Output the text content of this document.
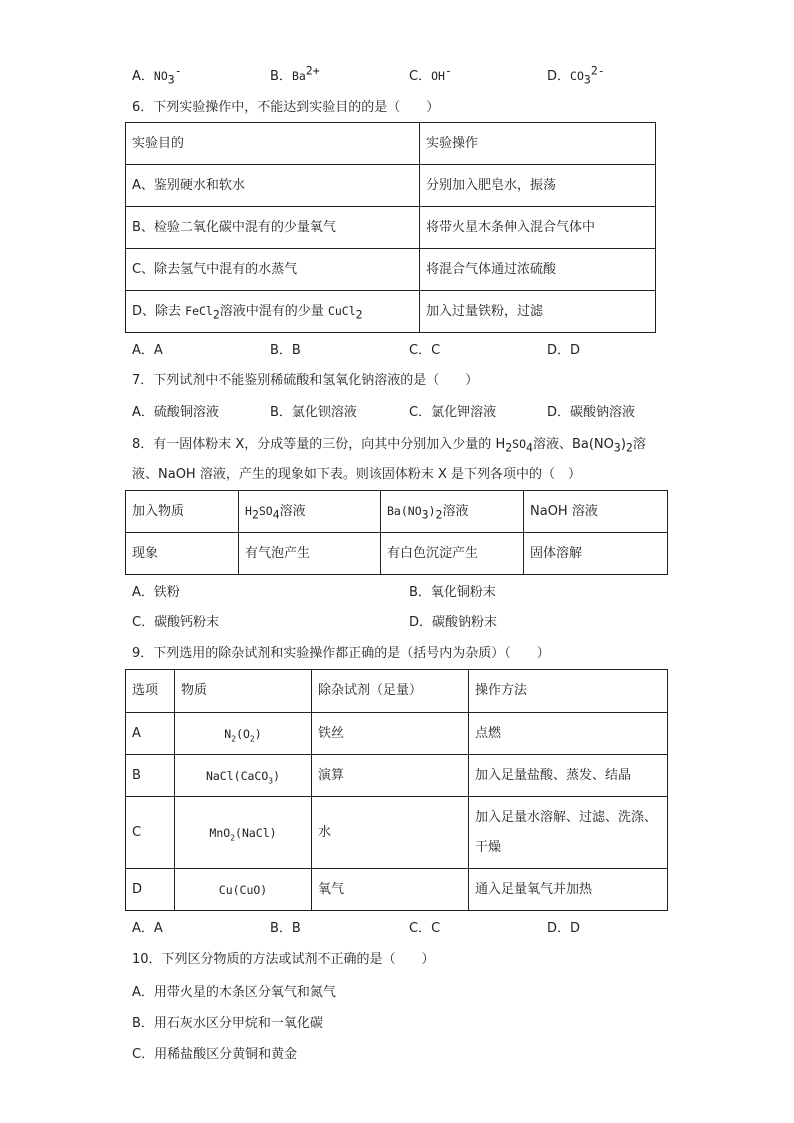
A．$NO_3^-$	B．$Ba^{2+}$	C．OH-	D．$CO_3^{2-}$
6．下列实验操作中，不能达到实验目的的是（　　）
实验目的	实验操作
A、鉴别硬水和软水	分别加入肥皂水，振荡
B、检验二氧化碳中混有的少量氧气	将带火星木条伸入混合气体中
C、除去氢气中混有的水蒸气	将混合气体通过浓硫酸
D、除去 FeCl$_2$溶液中混有的少量 CuCl$_2$	加入过量铁粉，过滤
A．A	B．B	C．C	D．D
7．下列试剂中不能鉴别稀硫酸和氢氧化钠溶液的是（　　）
A．硫酸铜溶液	B．氯化钡溶液	C．氯化钾溶液	D．碳酸钠溶液
8．有一固体粉末 X，分成等量的三份，向其中分别加入少量的 $H_2SO_4$溶液、$Ba(NO_3)_2$溶
液、NaOH 溶液，产生的现象如下表。则该固体粉末 X 是下列各项中的（　）
加入物质	$H_2SO_4$溶液	$Ba(NO_3)_2$溶液	NaOH 溶液
现象	有气泡产生	有白色沉淀产生	固体溶解
A．铁粉	B．氧化铜粉末
C．碳酸钙粉末	D．碳酸钠粉末
9．下列选用的除杂试剂和实验操作都正确的是（括号内为杂质）（　　）
选项	物质	除杂试剂（足量）	操作方法
A	$N_2(O_2)$	铁丝	点燃
B	NaCl(CaCO$_3$)	演算	加入足量盐酸、蒸发、结晶
C	MnO$_2$(NaCl)	水	加入足量水溶解、过滤、洗涤、干燥
D	Cu(CuO)	氧气	通入足量氧气并加热
A．A	B．B	C．C	D．D
10．下列区分物质的方法或试剂不正确的是（　　）
A．用带火星的木条区分氧气和氮气
B．用石灰水区分甲烷和一氧化碳
C．用稀盐酸区分黄铜和黄金
